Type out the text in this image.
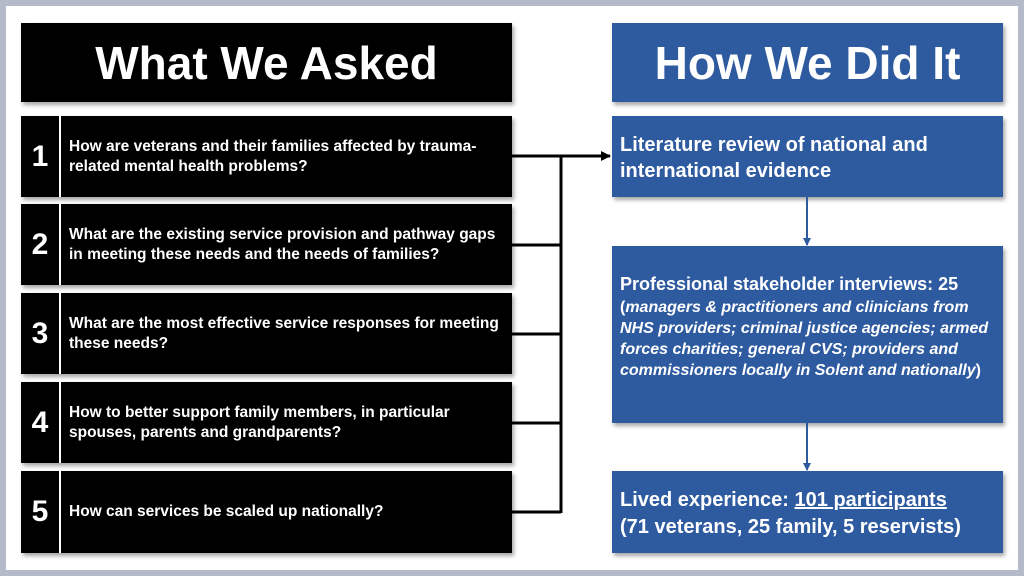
What We Asked	How We Did It
1	How are veterans and their families affected by trauma-related mental health problems?
2	What are the existing service provision and pathway gaps in meeting these needs and the needs of families?
3	What are the most effective service responses for meeting these needs?
4	How to better support family members, in particular spouses, parents and grandparents?
5	How can services be scaled up nationally?
Literature review of national and international evidence
Professional stakeholder interviews: 25
(managers & practitioners and clinicians from NHS providers; criminal justice agencies; armed forces charities; general CVS; providers and commissioners locally in Solent and nationally)
Lived experience: 101 participants
(71 veterans, 25 family, 5 reservists)
